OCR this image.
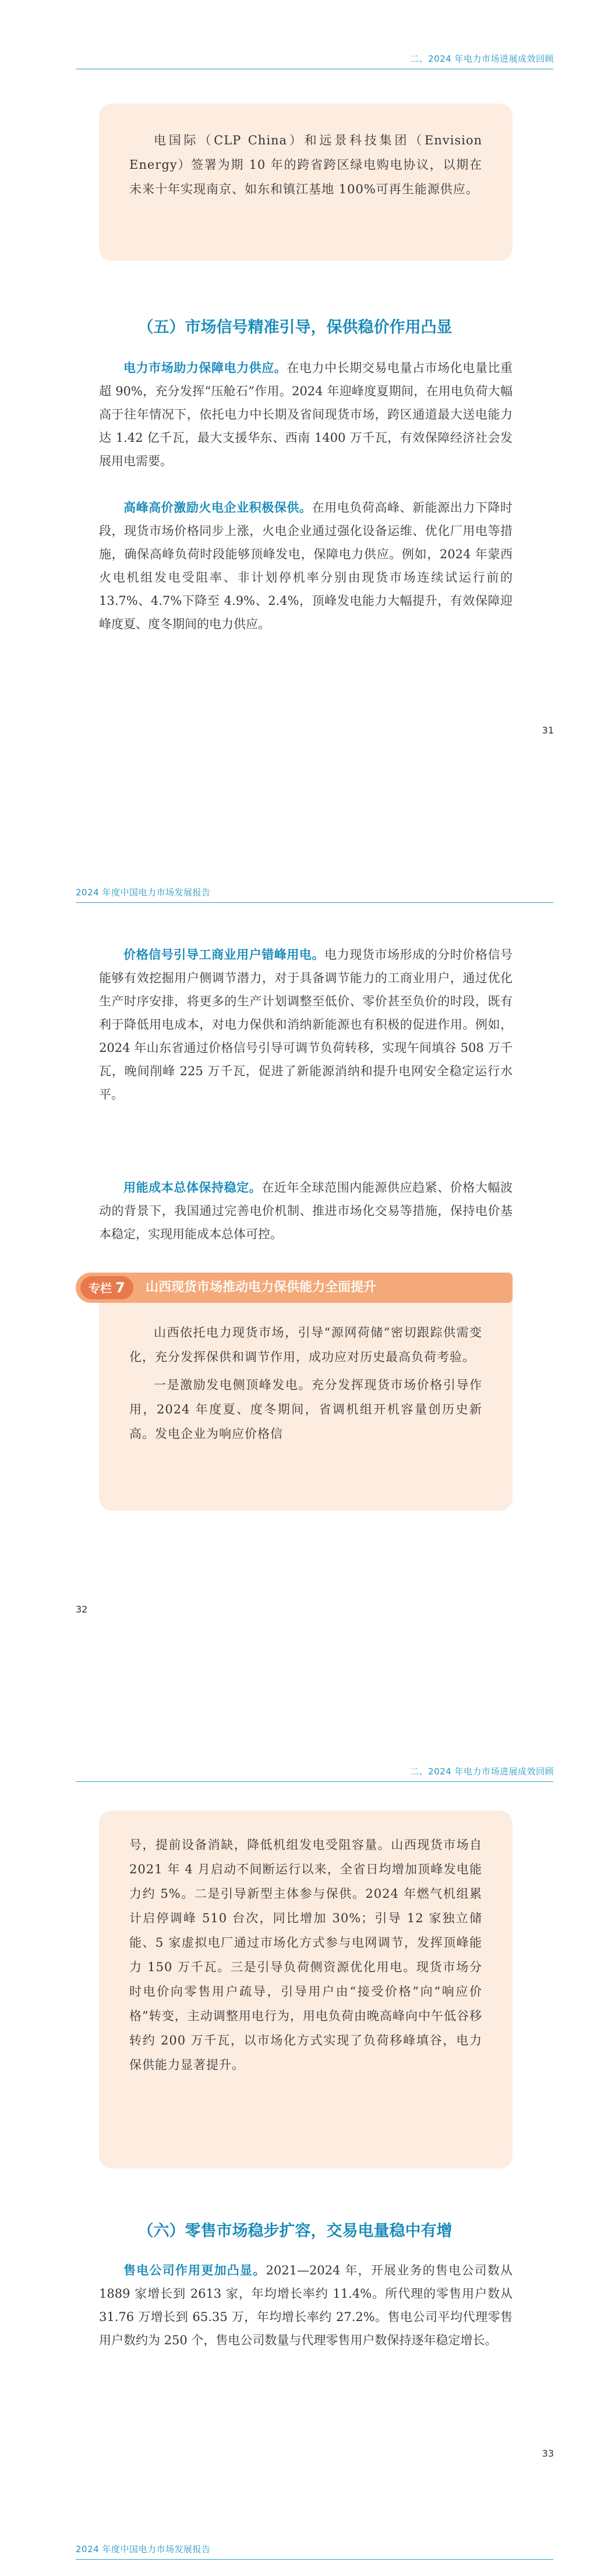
二、2024 年电力市场进展成效回顾

电国际（CLP China）和远景科技集团（Envision Energy）签署为期 10 年的跨省跨区绿电购电协议，以期在未来十年实现南京、如东和镇江基地 100%可再生能源供应。

（五）市场信号精准引导，保供稳价作用凸显

电力市场助力保障电力供应。在电力中长期交易电量占市场化电量比重超 90%，充分发挥“压舱石”作用。2024 年迎峰度夏期间，在用电负荷大幅高于往年情况下，依托电力中长期及省间现货市场，跨区通道最大送电能力达 1.42 亿千瓦，最大支援华东、西南 1400 万千瓦，有效保障经济社会发展用电需要。

高峰高价激励火电企业积极保供。在用电负荷高峰、新能源出力下降时段，现货市场价格同步上涨，火电企业通过强化设备运维、优化厂用电等措施，确保高峰负荷时段能够顶峰发电，保障电力供应。例如，2024 年蒙西火电机组发电受阻率、非计划停机率分别由现货市场连续试运行前的 13.7%、4.7%下降至 4.9%、2.4%，顶峰发电能力大幅提升，有效保障迎峰度夏、度冬期间的电力供应。

31
2024 年度中国电力市场发展报告

价格信号引导工商业用户错峰用电。电力现货市场形成的分时价格信号能够有效挖掘用户侧调节潜力，对于具备调节能力的工商业用户，通过优化生产时序安排，将更多的生产计划调整至低价、零价甚至负价的时段，既有利于降低用电成本，对电力保供和消纳新能源也有积极的促进作用。例如，2024 年山东省通过价格信号引导可调节负荷转移，实现午间填谷 508 万千瓦，晚间削峰 225 万千瓦，促进了新能源消纳和提升电网安全稳定运行水平。

用能成本总体保持稳定。在近年全球范围内能源供应趋紧、价格大幅波动的背景下，我国通过完善电价机制、推进市场化交易等措施，保持电价基本稳定，实现用能成本总体可控。

专栏 7	山西现货市场推动电力保供能力全面提升

山西依托电力现货市场，引导“源网荷储”密切跟踪供需变化，充分发挥保供和调节作用，成功应对历史最高负荷考验。

一是激励发电侧顶峰发电。充分发挥现货市场价格引导作用，2024 年度夏、度冬期间，省调机组开机容量创历史新高。发电企业为响应价格信

32
二、2024 年电力市场进展成效回顾

号，提前设备消缺，降低机组发电受阻容量。山西现货市场自 2021 年 4 月启动不间断运行以来，全省日均增加顶峰发电能力约 5%。二是引导新型主体参与保供。2024 年燃气机组累计启停调峰 510 台次，同比增加 30%；引导 12 家独立储能、5 家虚拟电厂通过市场化方式参与电网调节，发挥顶峰能力 150 万千瓦。三是引导负荷侧资源优化用电。现货市场分时电价向零售用户疏导，引导用户由“接受价格”向“响应价格”转变，主动调整用电行为，用电负荷由晚高峰向中午低谷移转约 200 万千瓦，以市场化方式实现了负荷移峰填谷，电力保供能力显著提升。

（六）零售市场稳步扩容，交易电量稳中有增

售电公司作用更加凸显。2021—2024 年，开展业务的售电公司数从 1889 家增长到 2613 家，年均增长率约 11.4%。所代理的零售用户数从 31.76 万增长到 65.35 万，年均增长率约 27.2%。售电公司平均代理零售用户数约为 250 个，售电公司数量与代理零售用户数保持逐年稳定增长。

33
2024 年度中国电力市场发展报告
